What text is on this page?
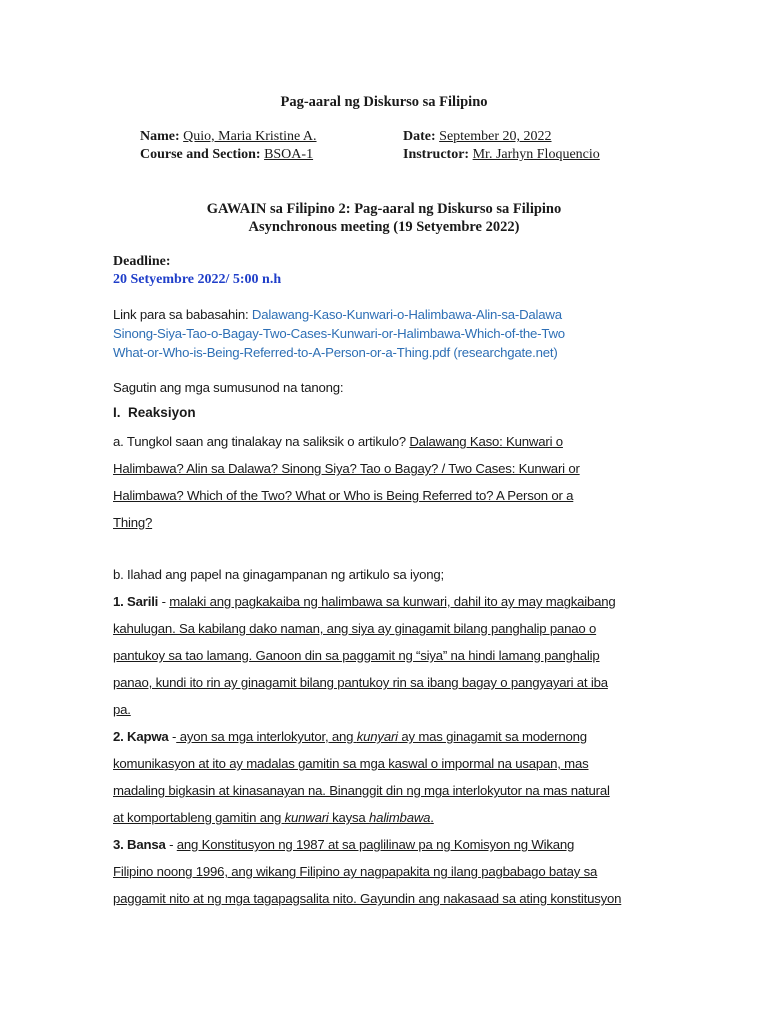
Pag-aaral ng Diskurso sa Filipino
Name: Quio, Maria Kristine A.	Date: September 20, 2022
Course and Section: BSOA-1	Instructor: Mr. Jarhyn Floquencio
GAWAIN sa Filipino 2: Pag-aaral ng Diskurso sa Filipino
Asynchronous meeting (19 Setyembre 2022)
Deadline:
20 Setyembre 2022/ 5:00 n.h
Link para sa babasahin: Dalawang-Kaso-Kunwari-o-Halimbawa-Alin-sa-Dalawa
Sinong-Siya-Tao-o-Bagay-Two-Cases-Kunwari-or-Halimbawa-Which-of-the-Two
What-or-Who-is-Being-Referred-to-A-Person-or-a-Thing.pdf (researchgate.net)
Sagutin ang mga sumusunod na tanong:
I. Reaksiyon
a. Tungkol saan ang tinalakay na saliksik o artikulo? Dalawang Kaso: Kunwari o
Halimbawa? Alin sa Dalawa? Sinong Siya? Tao o Bagay? / Two Cases: Kunwari or
Halimbawa? Which of the Two? What or Who is Being Referred to? A Person or a
Thing?
b. Ilahad ang papel na ginagampanan ng artikulo sa iyong;
1. Sarili - malaki ang pagkakaiba ng halimbawa sa kunwari, dahil ito ay may magkaibang
kahulugan. Sa kabilang dako naman, ang siya ay ginagamit bilang panghalip panao o
pantukoy sa tao lamang. Ganoon din sa paggamit ng “siya” na hindi lamang panghalip
panao, kundi ito rin ay ginagamit bilang pantukoy rin sa ibang bagay o pangyayari at iba
pa.
2. Kapwa - ayon sa mga interlokyutor, ang kunyari ay mas ginagamit sa modernong
komunikasyon at ito ay madalas gamitin sa mga kaswal o impormal na usapan, mas
madaling bigkasin at kinasanayan na. Binanggit din ng mga interlokyutor na mas natural
at komportableng gamitin ang kunwari kaysa halimbawa.
3. Bansa - ang Konstitusyon ng 1987 at sa paglilinaw pa ng Komisyon ng Wikang
Filipino noong 1996, ang wikang Filipino ay nagpapakita ng ilang pagbabago batay sa
paggamit nito at ng mga tagapagsalita nito. Gayundin ang nakasaad sa ating konstitusyon
